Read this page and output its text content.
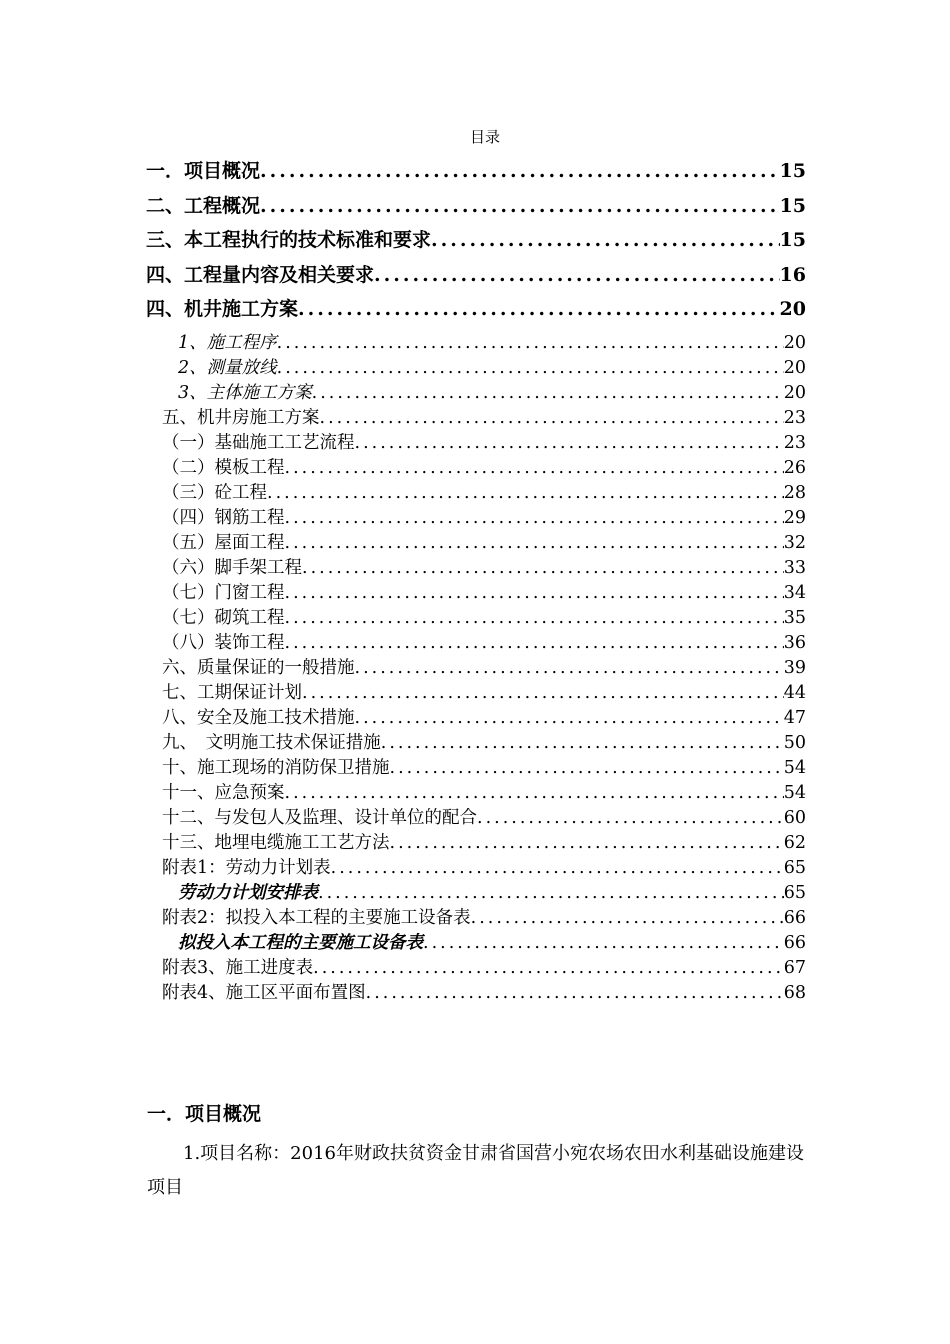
目录
一．项目概况 .....	15
二、工程概况 .....	15
三、本工程执行的技术标准和要求 .....	15
四、工程量内容及相关要求 .....	16
四、机井施工方案 .....	20
1、施工程序 .....	20
2、测量放线 .....	20
3、主体施工方案 .....	20
五、机井房施工方案 .....	23
（一）基础施工工艺流程 .....	23
（二）模板工程 .....	26
（三）砼工程 .....	28
（四）钢筋工程 .....	29
（五）屋面工程 .....	32
（六）脚手架工程 .....	33
（七）门窗工程 .....	34
（七）砌筑工程 .....	35
（八）装饰工程 .....	36
六、质量保证的一般措施 .....	39
七、工期保证计划 .....	44
八、安全及施工技术措施 .....	47
九、　文明施工技术保证措施 .....	50
十、施工现场的消防保卫措施 .....	54
十一、应急预案 .....	54
十二、与发包人及监理、设计单位的配合 .....	60
十三、地埋电缆施工工艺方法 .....	62
附表1：劳动力计划表 .....	65
劳动力计划安排表 .....	65
附表2：拟投入本工程的主要施工设备表 .....	66
拟投入本工程的主要施工设备表 .....	66
附表3、施工进度表 .....	67
附表4、施工区平面布置图 .....	68
一．项目概况
1.项目名称：2016年财政扶贫资金甘肃省国营小宛农场农田水利基础设施建设项目
